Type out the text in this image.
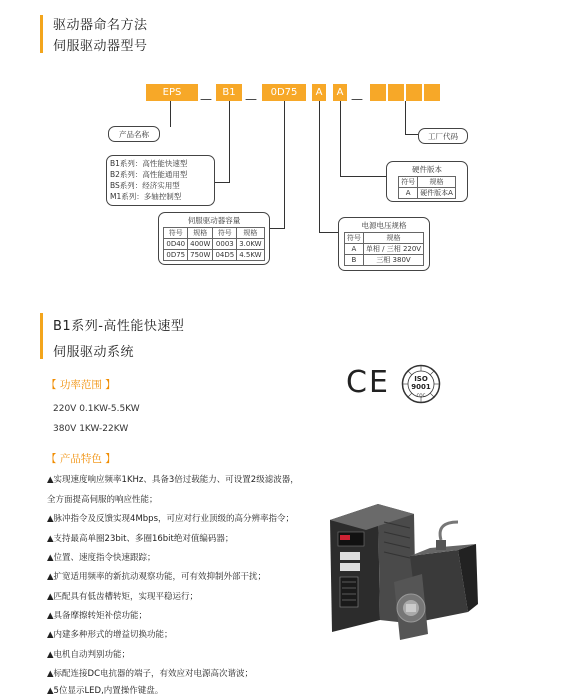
驱动器命名方法
伺服驱动器型号
EPS	—	B1 —	0D75
—
A	A —
产品名称	工厂代码
B1系列：高性能快速型
B2系列：高性能通用型
BS系列：经济实用型
M1系列：多轴控制型
硬件版本
符号	规格
A	硬件版本A
伺服驱动器容量
符号	规格	符号	规格
0D40	400W	0003	3.0KW
0D75	750W	04D5	4.5KW
电源电压规格
符号	规格
A	单相 / 三相 220V
B	三相 380V
B1系列-高性能快速型
伺服驱动系统
【 功率范围 】
220V 0.1KW-5.5KW
380V 1KW-22KW
CE	ISO
9001
CQC
【 产品特色 】
▲实现速度响应频率1KHz、具备3倍过载能力、可设置2级滤波器，
全方面提高伺服的响应性能；
▲脉冲指令及反馈实现4Mbps，可应对行业顶级的高分辨率指令；
▲支持最高单圈23bit、多圈16bit绝对值编码器；
▲位置、速度指令快速跟踪；
▲扩宽适用频率的新抗动观察功能，可有效抑制外部干扰；
▲匹配具有低齿槽转矩，实现平稳运行；
▲具备摩擦转矩补偿功能；
▲内建多种形式的增益切换功能；
▲电机自动判别功能；
▲标配连接DC电抗器的端子，有效应对电源高次谐波；
▲5位显示LED,内置操作键盘。
